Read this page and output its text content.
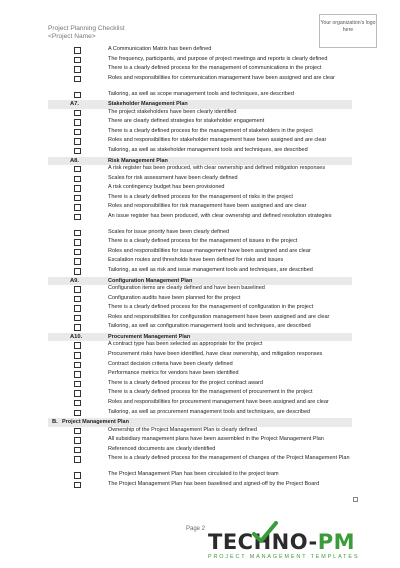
Project Planning Checklist
<Project Name>
Your organization's logo here
A Communication Matrix has been defined
The frequency, participants, and purpose of project meetings and reports is clearly defined
There is a clearly defined process for the management of communications in the project
Roles and responsibilities for communication management have been assigned and are clear
Tailoring, as well as scope management tools and techniques, are described
A7.	Stakeholder Management Plan
The project stakeholders have been clearly identified
There are clearly defined strategies for stakeholder engagement
There is a clearly defined process for the management of stakeholders in the project
Roles and responsibilities for stakeholder management have been assigned and are clear
Tailoring, as well as stakeholder management tools and techniques, are described
A8.	Risk Management Plan
A risk register has been produced, with clear ownership and defined mitigation responses
Scales for risk assessment have been clearly defined
A risk contingency budget has been provisioned
There is a clearly defined process for the management of risks in the project
Roles and responsibilities for risk management have been assigned and are clear
An issue register has been produced, with clear ownership and defined resolution strategies
Scales for issue priority have been clearly defined
There is a clearly defined process for the management of issues in the project
Roles and responsibilities for issue management have been assigned and are clear
Escalation routes and thresholds have been defined for risks and issues
Tailoring, as well as risk and issue management tools and techniques, are described
A9.	Configuration Management Plan
Configuration items are clearly defined and have been baselined
Configuration audits have been planned for the project
There is a clearly defined process for the management of configuration in the project
Roles and responsibilities for configuration management have been assigned and are clear
Tailoring, as well as configuration management tools and techniques, are described
A10.	Procurement Management Plan
A contract type has been selected as appropriate for the project
Procurement risks have been identified, have clear ownership, and mitigation responses
Contract decision criteria have been clearly defined
Performance metrics for vendors have been identified
There is a clearly defined process for the project contract award
There is a clearly defined process for the management of procurement in the project
Roles and responsibilities for procurement management have been assigned and are clear
Tailoring, as well as procurement management tools and techniques, are described
B. Project Management Plan
Ownership of the Project Management Plan is clearly defined
All subsidiary management plans have been assembled in the Project Management Plan
Referenced documents are clearly identified
There is a clearly defined process for the management of changes of the Project Management Plan
The Project Management Plan has been circulated to the project team
The Project Management Plan has been baselined and signed-off by the Project Board
Page 2
TECHNO-PM
PROJECT MANAGEMENT TEMPLATES
